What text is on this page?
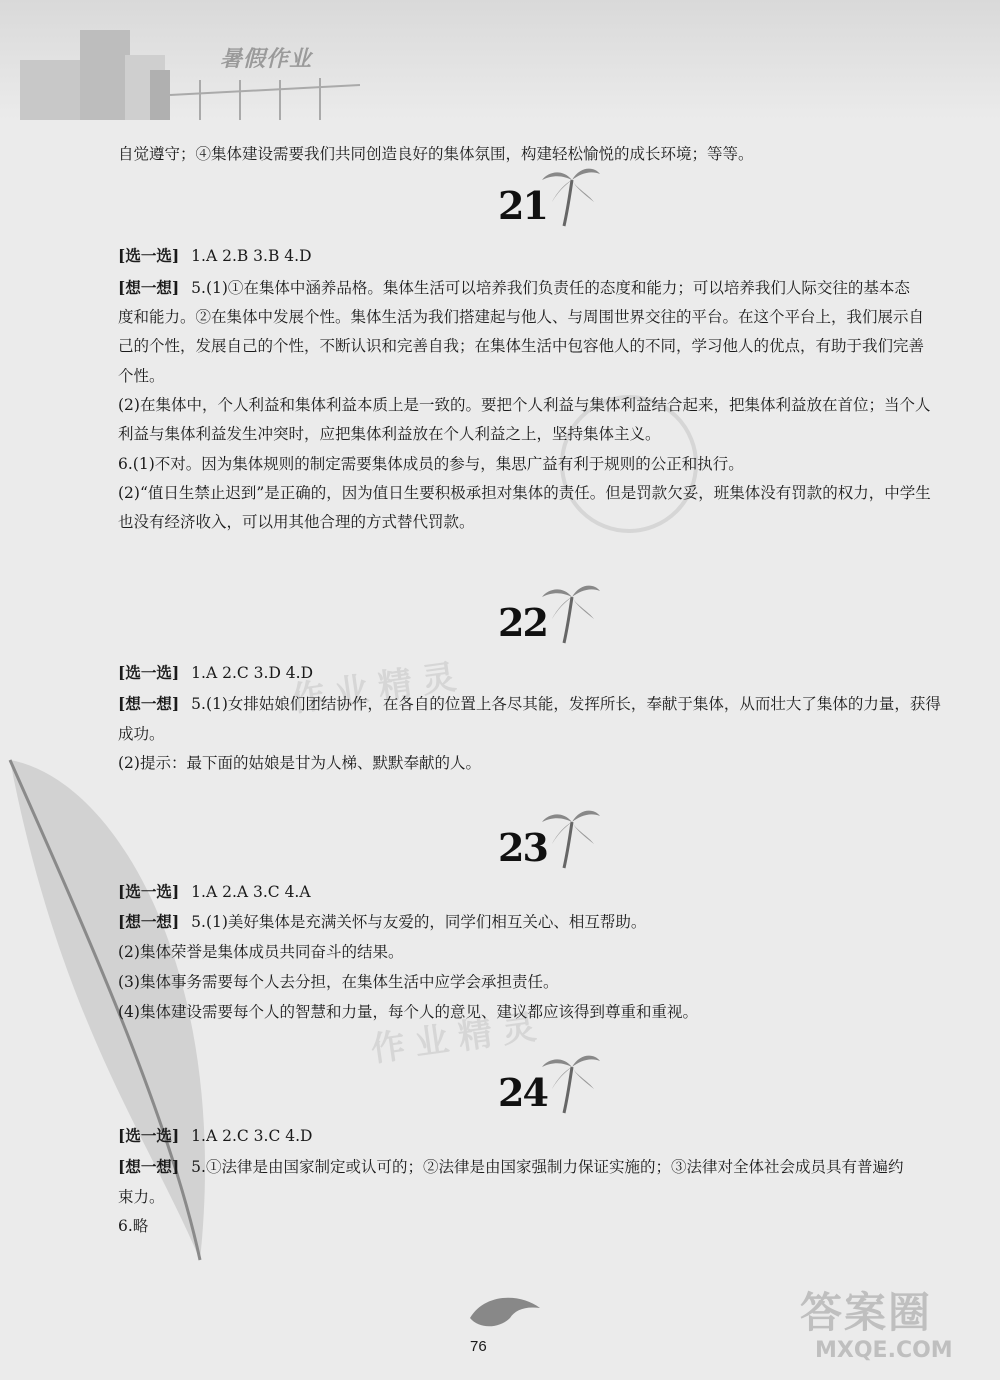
暑假作业
作业精灵
作业精灵
自觉遵守；④集体建设需要我们共同创造良好的集体氛围，构建轻松愉悦的成长环境；等等。
21
[选一选] 1.A 2.B 3.B 4.D
[想一想] 5.(1)①在集体中涵养品格。集体生活可以培养我们负责任的态度和能力；可以培养我们人际交往的基本态
度和能力。②在集体中发展个性。集体生活为我们搭建起与他人、与周围世界交往的平台。在这个平台上，我们展示自
己的个性，发展自己的个性，不断认识和完善自我；在集体生活中包容他人的不同，学习他人的优点，有助于我们完善
个性。
(2)在集体中，个人利益和集体利益本质上是一致的。要把个人利益与集体利益结合起来，把集体利益放在首位；当个人
利益与集体利益发生冲突时，应把集体利益放在个人利益之上，坚持集体主义。
6.(1)不对。因为集体规则的制定需要集体成员的参与，集思广益有利于规则的公正和执行。
(2)“值日生禁止迟到”是正确的，因为值日生要积极承担对集体的责任。但是罚款欠妥，班集体没有罚款的权力，中学生
也没有经济收入，可以用其他合理的方式替代罚款。
22
[选一选] 1.A 2.C 3.D 4.D
[想一想] 5.(1)女排姑娘们团结协作，在各自的位置上各尽其能，发挥所长，奉献于集体，从而壮大了集体的力量，获得
成功。
(2)提示：最下面的姑娘是甘为人梯、默默奉献的人。
23
[选一选] 1.A 2.A 3.C 4.A
[想一想] 5.(1)美好集体是充满关怀与友爱的，同学们相互关心、相互帮助。
(2)集体荣誉是集体成员共同奋斗的结果。
(3)集体事务需要每个人去分担，在集体生活中应学会承担责任。
(4)集体建设需要每个人的智慧和力量，每个人的意见、建议都应该得到尊重和重视。
24
[选一选] 1.A 2.C 3.C 4.D
[想一想] 5.①法律是由国家制定或认可的；②法律是由国家强制力保证实施的；③法律对全体社会成员具有普遍约
束力。
6.略
76
答案圈
MXQE.COM
